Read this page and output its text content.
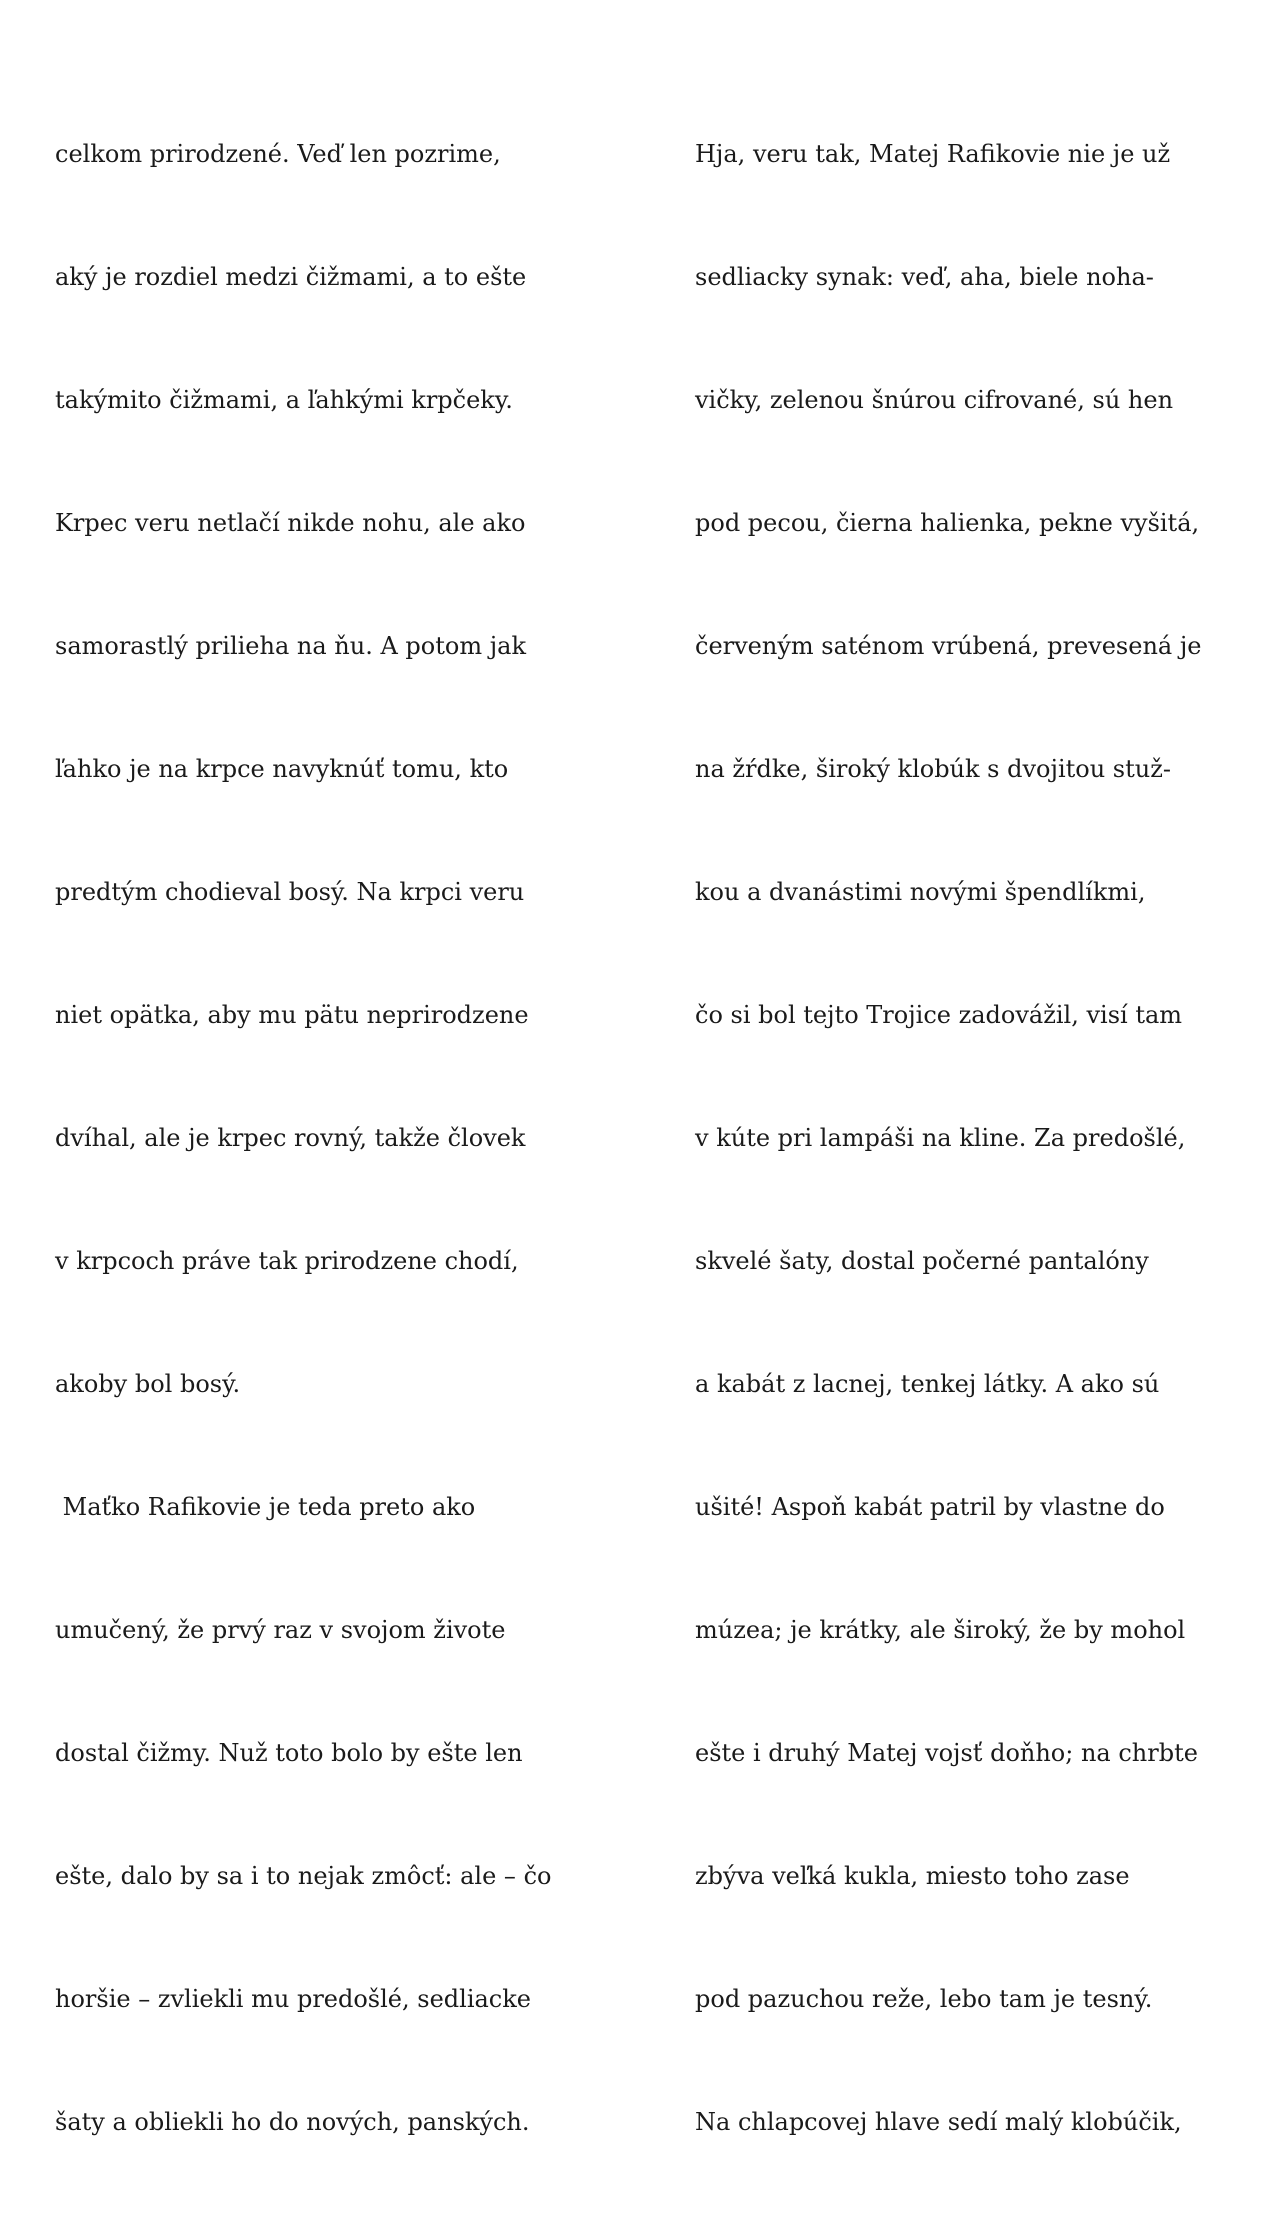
celkom prirodzené. Veď len pozrime,

aký je rozdiel medzi čižmami, a to ešte

takýmito čižmami, a ľahkými krpčeky.

Krpec veru netlačí nikde nohu, ale ako

samorastlý prilieha na ňu. A potom jak

ľahko je na krpce navyknúť tomu, kto

predtým chodieval bosý. Na krpci veru

niet opätka, aby mu pätu neprirodzene

dvíhal, ale je krpec rovný, takže človek

v krpcoch práve tak prirodzene chodí,

akoby bol bosý.

Maťko Rafikovie je teda preto ako

umučený, že prvý raz v svojom živote

dostal čižmy. Nuž toto bolo by ešte len

ešte, dalo by sa i to nejak zmôcť: ale – čo

horšie – zvliekli mu predošlé, sedliacke

šaty a obliekli ho do nových, panských.

Hja, veru tak, Matej Rafikovie nie je už

sedliacky synak: veď, aha, biele noha-

vičky, zelenou šnúrou cifrované, sú hen

pod pecou, čierna halienka, pekne vyšitá,

červeným saténom vrúbená, prevesená je

na žŕdke, široký klobúk s dvojitou stuž-

kou a dvanástimi novými špendlíkmi,

čo si bol tejto Trojice zadovážil, visí tam

v kúte pri lampáši na kline. Za predošlé,

skvelé šaty, dostal počerné pantalóny

a kabát z lacnej, tenkej látky. A ako sú

ušité! Aspoň kabát patril by vlastne do

múzea; je krátky, ale široký, že by mohol

ešte i druhý Matej vojsť doňho; na chrbte

zbýva veľká kukla, miesto toho zase

pod pazuchou reže, lebo tam je tesný.

Na chlapcovej hlave sedí malý klobúčik,
